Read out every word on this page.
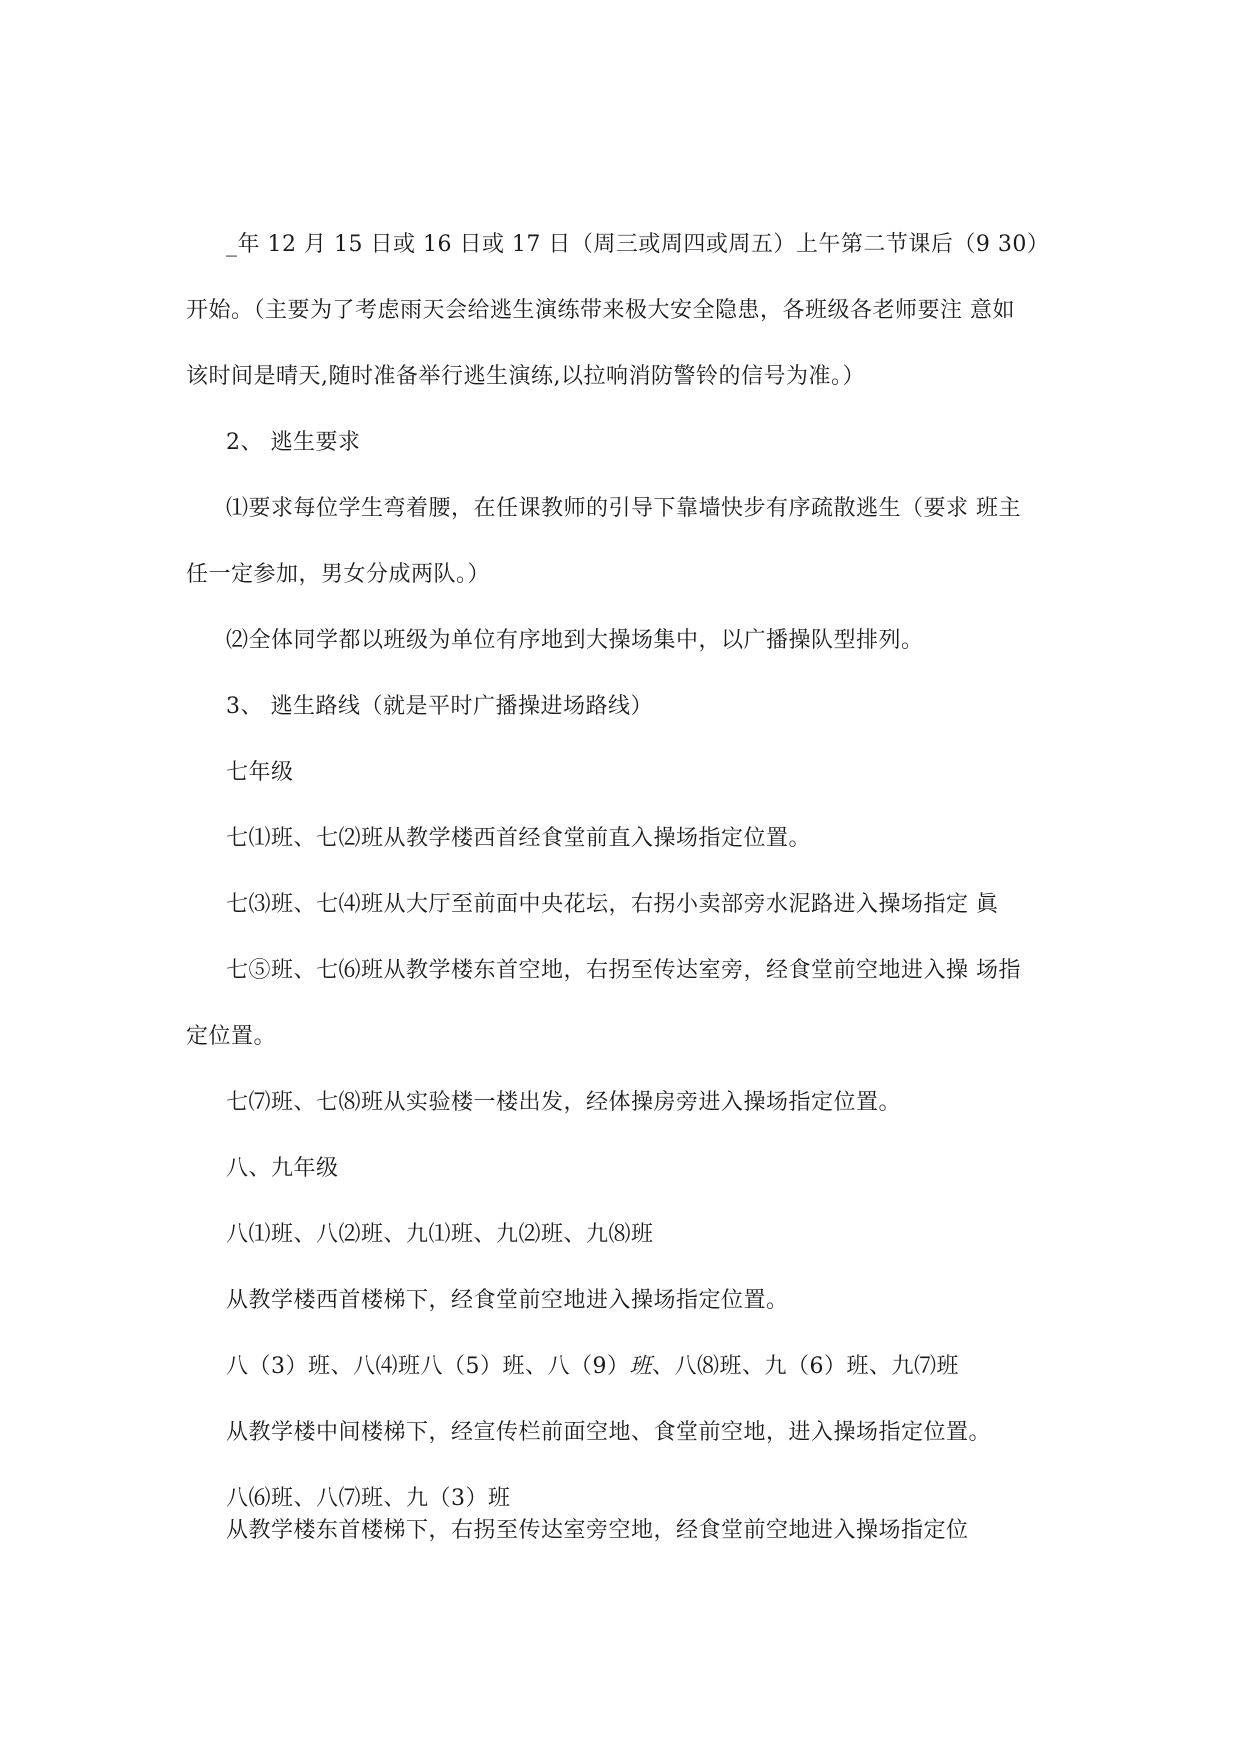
_年 12 月 15 日或 16 日或 17 日（周三或周四或周五）上午第二节课后（9 30）
开始。（主要为了考虑雨天会给逃生演练带来极大安全隐患，各班级各老师要注 意如
该时间是晴天,随时准备举行逃生演练,以拉响消防警铃的信号为准。）
2、 逃生要求
⑴要求每位学生弯着腰，在任课教师的引导下靠墙快步有序疏散逃生（要求 班主
任一定参加，男女分成两队。）
⑵全体同学都以班级为单位有序地到大操场集中，以广播操队型排列。
3、 逃生路线（就是平时广播操进场路线）
七年级
七⑴班、七⑵班从教学楼西首经食堂前直入操场指定位置。
七⑶班、七⑷班从大厅至前面中央花坛，右拐小卖部旁水泥路进入操场指定 眞
七⑤班、七⑹班从教学楼东首空地，右拐至传达室旁，经食堂前空地进入操 场指
定位置。
七⑺班、七⑻班从实验楼一楼出发，经体操房旁进入操场指定位置。
八、九年级
八⑴班、八⑵班、九⑴班、九⑵班、九⑻班
从教学楼西首楼梯下，经食堂前空地进入操场指定位置。
八（3）班、八⑷班八（5）班、八（9）班、八⑻班、九（6）班、九⑺班
从教学楼中间楼梯下，经宣传栏前面空地、食堂前空地，进入操场指定位置。
八⑹班、八⑺班、九（3）班
从教学楼东首楼梯下，右拐至传达室旁空地，经食堂前空地进入操场指定位
